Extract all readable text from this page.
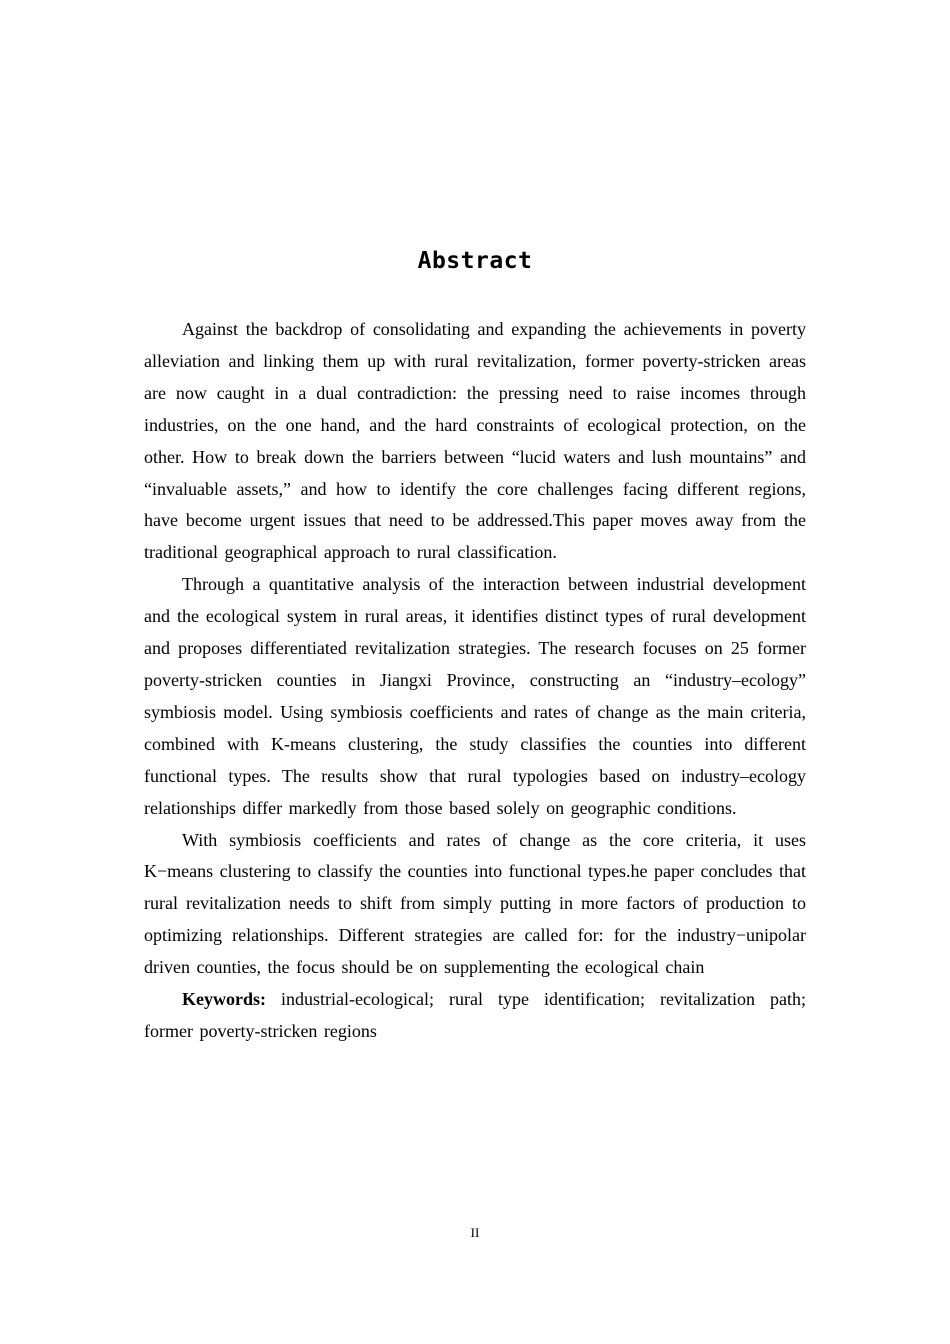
Abstract

Against the backdrop of consolidating and expanding the achievements in poverty alleviation and linking them up with rural revitalization, former poverty-stricken areas are now caught in a dual contradiction: the pressing need to raise incomes through industries, on the one hand, and the hard constraints of ecological protection, on the other. How to break down the barriers between “lucid waters and lush mountains” and “invaluable assets,” and how to identify the core challenges facing different regions, have become urgent issues that need to be addressed.This paper moves away from the traditional geographical approach to rural classification.

Through a quantitative analysis of the interaction between industrial development and the ecological system in rural areas, it identifies distinct types of rural development and proposes differentiated revitalization strategies. The research focuses on 25 former poverty-stricken counties in Jiangxi Province, constructing an “industry–ecology” symbiosis model. Using symbiosis coefficients and rates of change as the main criteria, combined with K-means clustering, the study classifies the counties into different functional types. The results show that rural typologies based on industry–ecology relationships differ markedly from those based solely on geographic conditions.

With symbiosis coefficients and rates of change as the core criteria, it uses K−means clustering to classify the counties into functional types.he paper concludes that rural revitalization needs to shift from simply putting in more factors of production to optimizing relationships. Different strategies are called for: for the industry−unipolar driven counties, the focus should be on supplementing the ecological chain

Keywords: industrial-ecological; rural type identification; revitalization path; former poverty-stricken regions

II
